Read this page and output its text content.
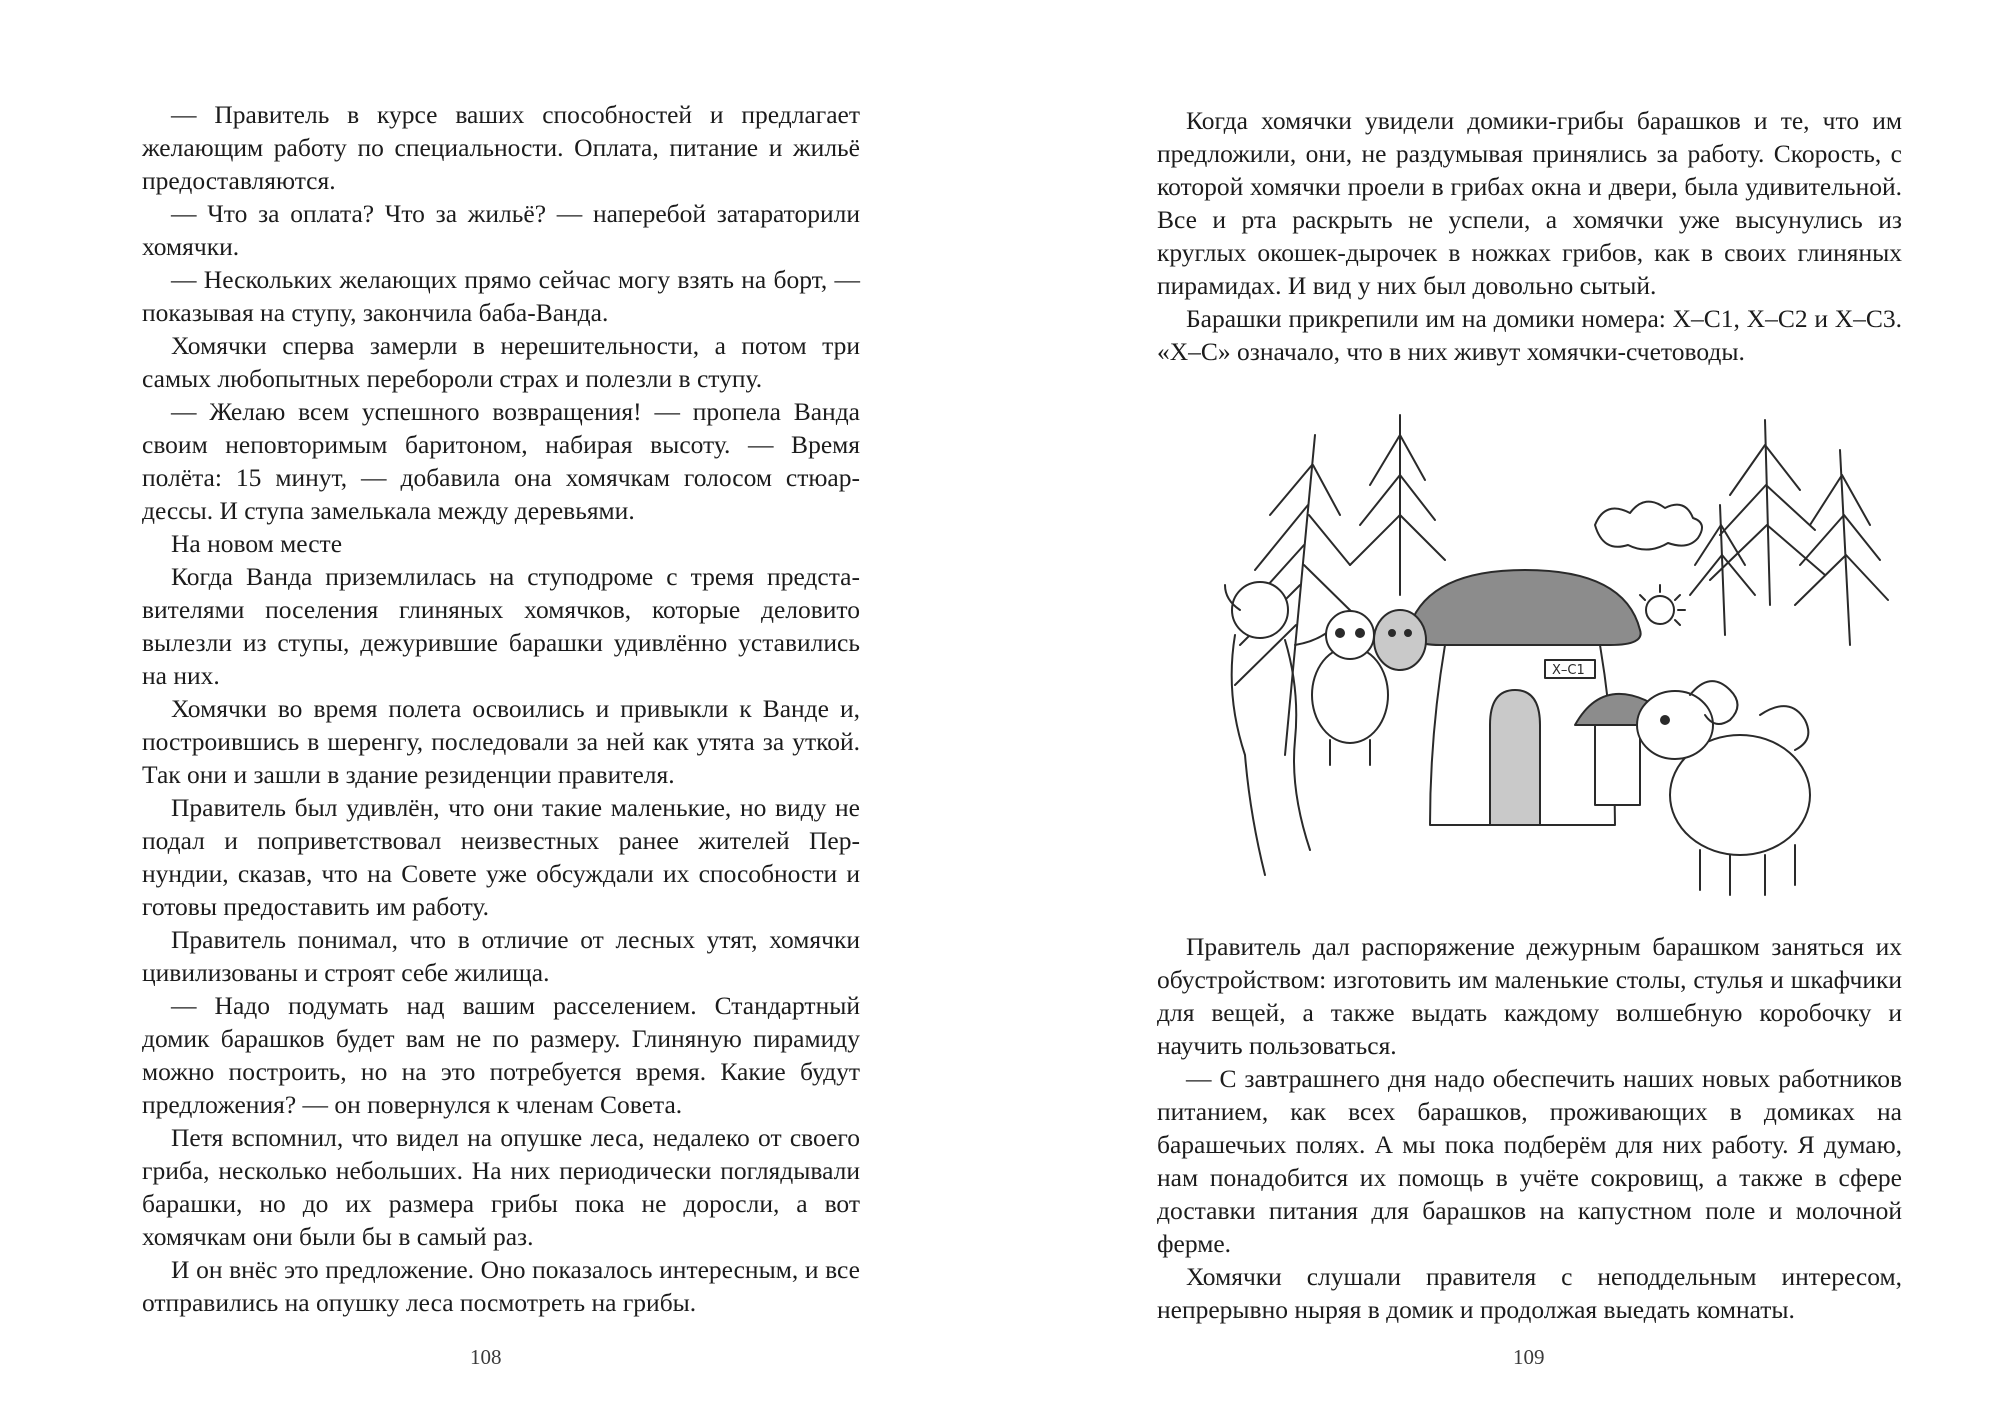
— Правитель в курсе ваших способностей и предлагает желающим работу по специальности. Оплата, питание и жильё предоставляются.

— Что за оплата? Что за жильё? — наперебой затараторили хомячки.

— Нескольких желающих прямо сейчас могу взять на борт, — показывая на ступу, закончила баба-Ванда.

Хомячки сперва замерли в нерешительности, а потом три самых любопытных перебороли страх и полезли в ступу.

— Желаю всем успешного возвращения! — пропела Ванда своим неповторимым баритоном, набирая высоту. — Время полёта: 15 минут, — добавила она хомячкам голосом стюардессы. И ступа замелькала между деревьями.

На новом месте

Когда Ванда приземлилась на ступодроме с тремя представителями поселения глиняных хомячков, которые деловито вылезли из ступы, дежурившие барашки удивлённо уставились на них.

Хомячки во время полета освоились и привыкли к Ванде и, построившись в шеренгу, последовали за ней как утята за уткой. Так они и зашли в здание резиденции правителя.

Правитель был удивлён, что они такие маленькие, но виду не подал и поприветствовал неизвестных ранее жителей Пернундии, сказав, что на Совете уже обсуждали их способности и готовы предоставить им работу.

Правитель понимал, что в отличие от лесных утят, хомячки цивилизованы и строят себе жилища.

— Надо подумать над вашим расселением. Стандартный домик барашков будет вам не по размеру. Глиняную пирамиду можно построить, но на это потребуется время. Какие будут предложения? — он повернулся к членам Совета.

Петя вспомнил, что видел на опушке леса, недалеко от своего гриба, несколько небольших. На них периодически поглядывали барашки, но до их размера грибы пока не доросли, а вот хомячкам они были бы в самый раз.

И он внёс это предложение. Оно показалось интересным, и все отправились на опушку леса посмотреть на грибы.

108

Когда хомячки увидели домики-грибы барашков и те, что им предложили, они, не раздумывая принялись за работу. Скорость, с которой хомячки проели в грибах окна и двери, была удивительной. Все и рта раскрыть не успели, а хомячки уже высунулись из круглых окошек-дырочек в ножках грибов, как в своих глиняных пирамидах. И вид у них был довольно сытый.

Барашки прикрепили им на домики номера: Х–С1, Х–С2 и Х–С3. «Х–С» означало, что в них живут хомячки-счетоводы.

Х–С1

Правитель дал распоряжение дежурным барашком заняться их обустройством: изготовить им маленькие столы, стулья и шкафчики для вещей, а также выдать каждому волшебную коробочку и научить пользоваться.

— С завтрашнего дня надо обеспечить наших новых работников питанием, как всех барашков, проживающих в домиках на барашечьих полях. А мы пока подберём для них работу. Я думаю, нам понадобится их помощь в учёте сокровищ, а также в сфере доставки питания для барашков на капустном поле и молочной ферме.

Хомячки слушали правителя с неподдельным интересом, непрерывно ныряя в домик и продолжая выедать комнаты.

109
